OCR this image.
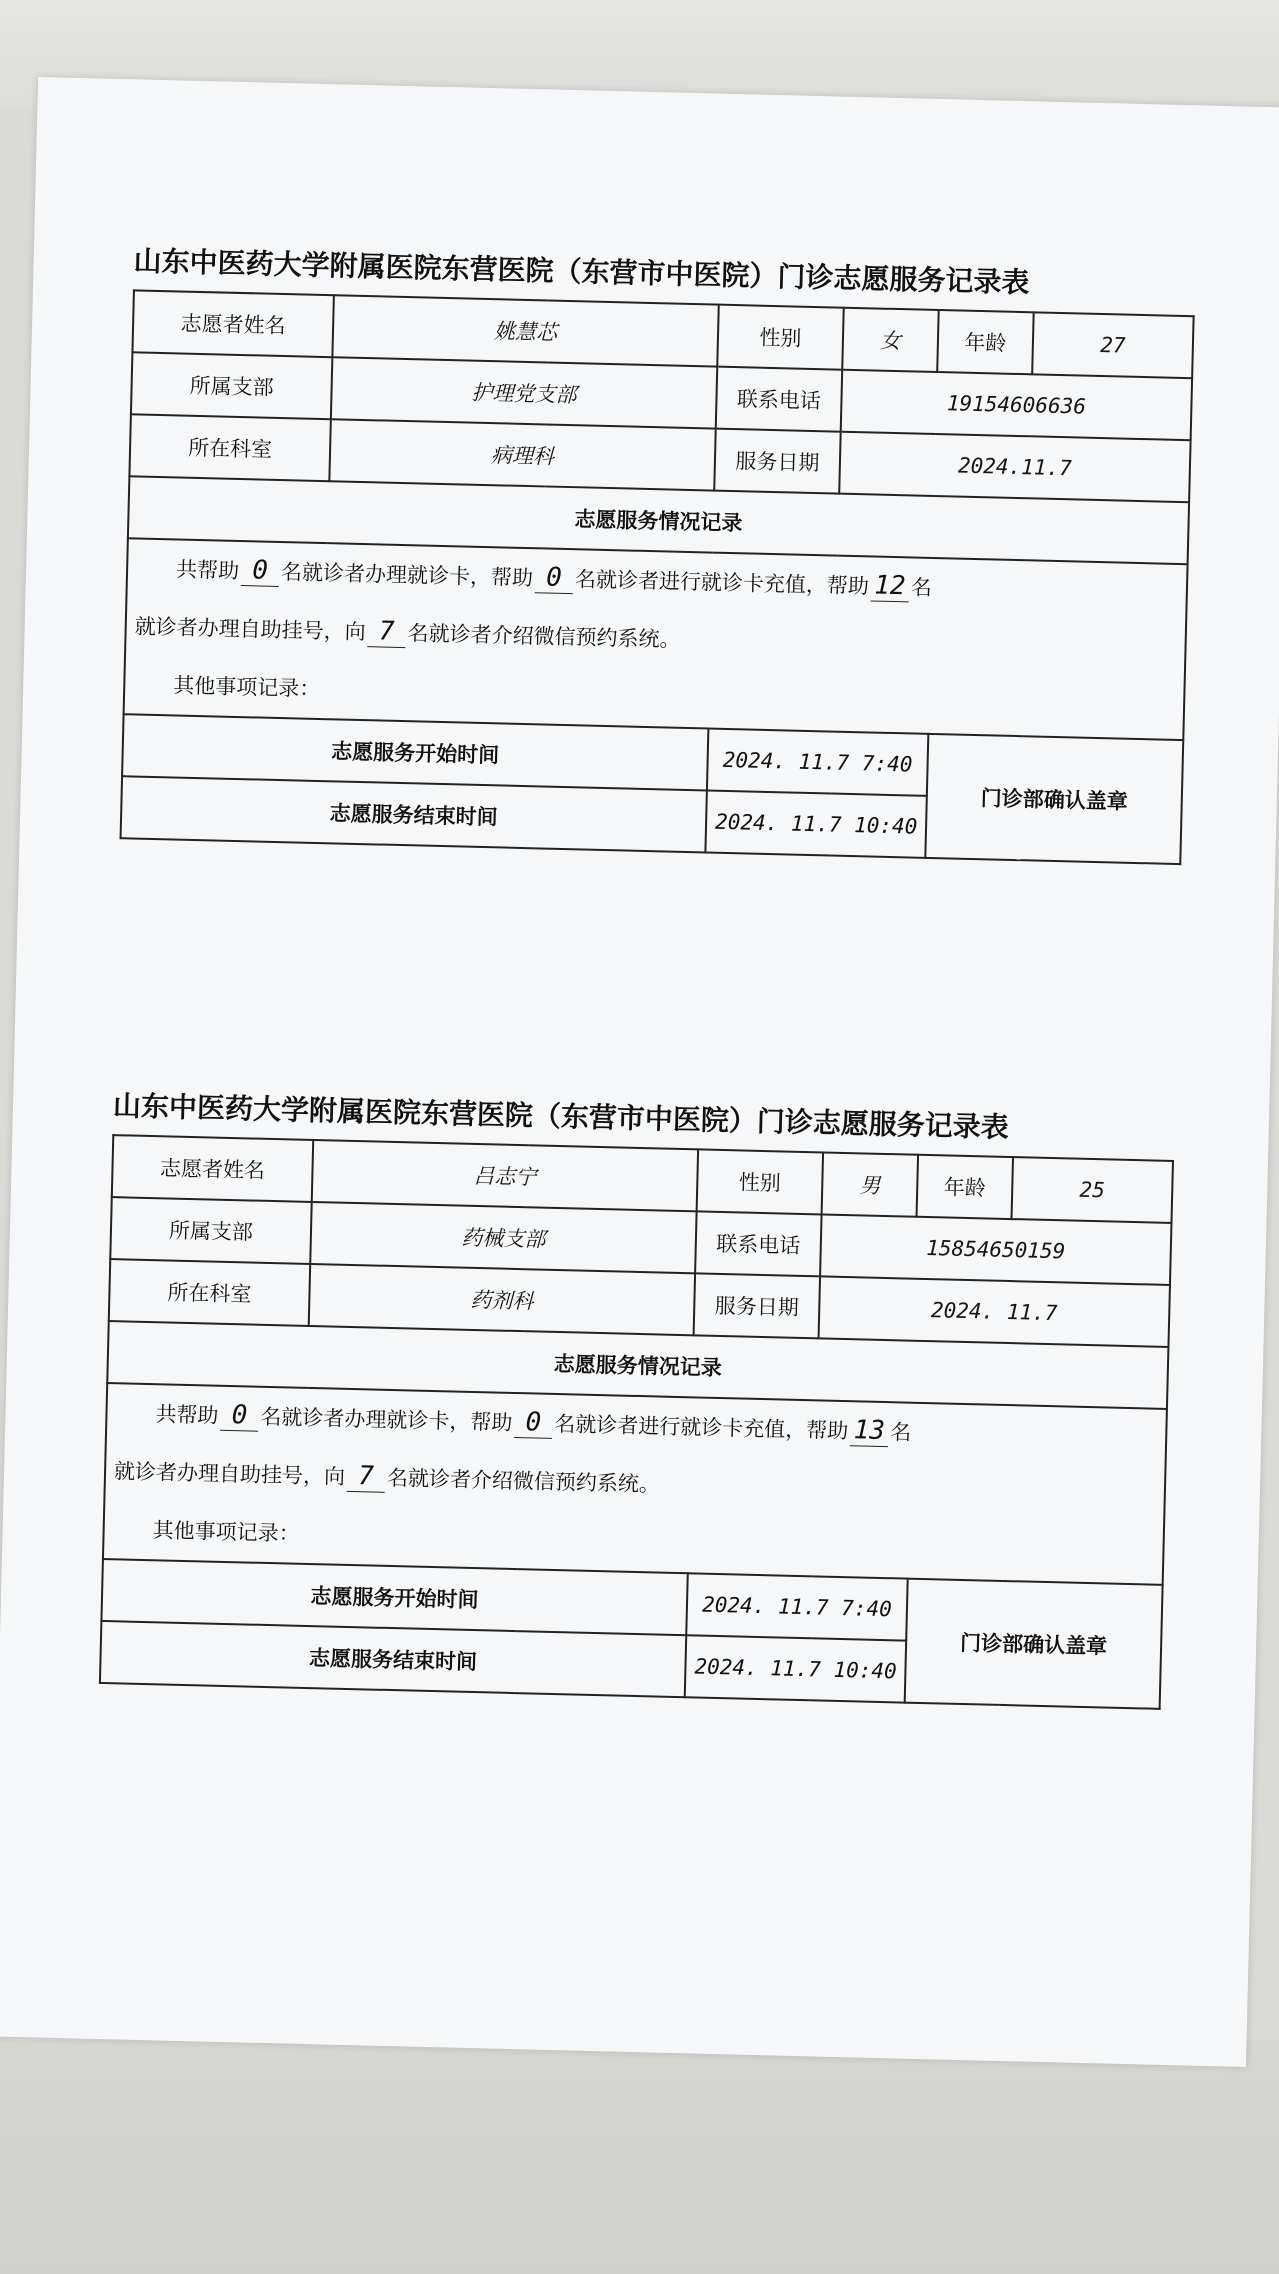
山东中医药大学附属医院东营医院（东营市中医院）门诊志愿服务记录表
志愿者姓名	姚慧芯	性别	女	年龄	27
所属支部	护理党支部	联系电话	19154606636		
所在科室	病理科	服务日期	2024.11.7		
志愿服务情况记录					

共帮助 0 名就诊者办理就诊卡，帮助 0 名就诊者进行就诊卡充值，帮助 12 名
就诊者办理自助挂号，向 7 名就诊者介绍微信预约系统。
其他事项记录：					

志愿服务开始时间		2024. 11.7 7:40		门诊部确认盖章	
志愿服务结束时间		2024. 11.7 10:40			
山东中医药大学附属医院东营医院（东营市中医院）门诊志愿服务记录表
志愿者姓名	吕志宁	性别	男	年龄	25
所属支部	药械支部	联系电话	15854650159		
所在科室	药剂科	服务日期	2024. 11.7		
志愿服务情况记录					

共帮助 0 名就诊者办理就诊卡，帮助 0 名就诊者进行就诊卡充值，帮助 13 名
就诊者办理自助挂号，向 7 名就诊者介绍微信预约系统。
其他事项记录：					

志愿服务开始时间		2024. 11.7 7:40		门诊部确认盖章	
志愿服务结束时间		2024. 11.7 10:40			
